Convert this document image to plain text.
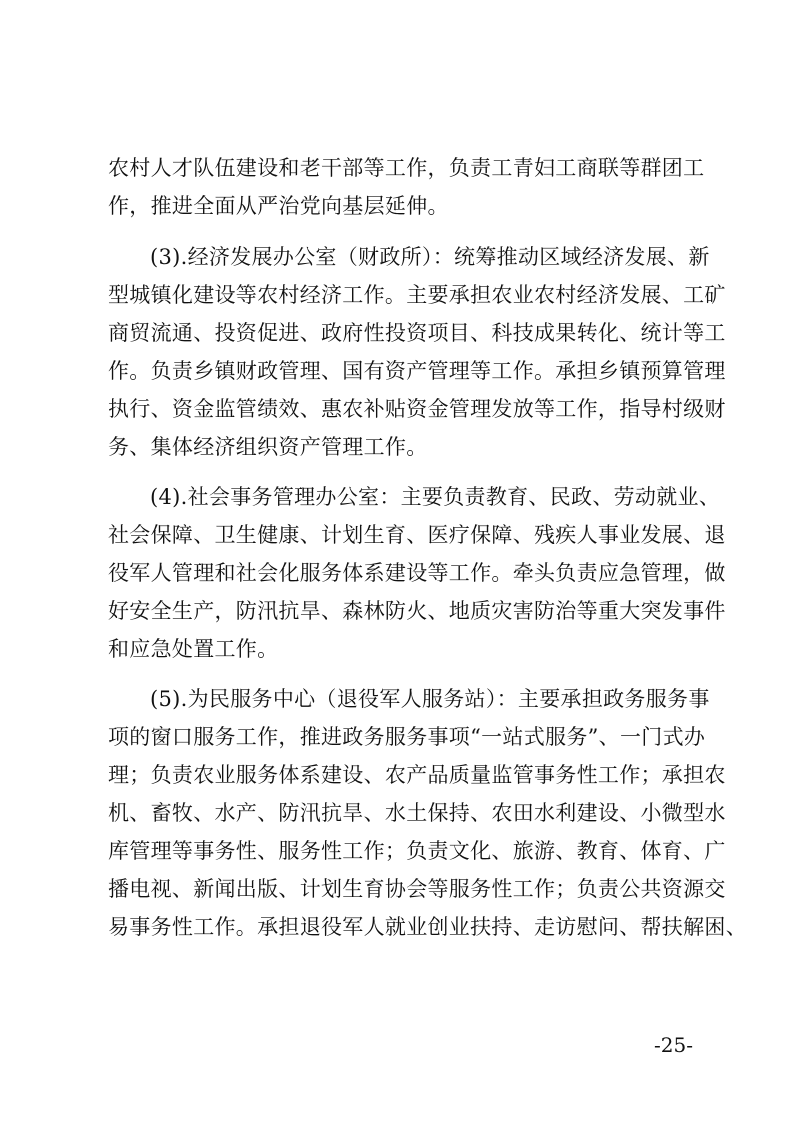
农村人才队伍建设和老干部等工作，负责工青妇工商联等群团工
作，推进全面从严治党向基层延伸。
(3).经济发展办公室（财政所）：统筹推动区域经济发展、新
型城镇化建设等农村经济工作。主要承担农业农村经济发展、工矿
商贸流通、投资促进、政府性投资项目、科技成果转化、统计等工
作。负责乡镇财政管理、国有资产管理等工作。承担乡镇预算管理
执行、资金监管绩效、惠农补贴资金管理发放等工作，指导村级财
务、集体经济组织资产管理工作。
(4).社会事务管理办公室：主要负责教育、民政、劳动就业、
社会保障、卫生健康、计划生育、医疗保障、残疾人事业发展、退
役军人管理和社会化服务体系建设等工作。牵头负责应急管理，做
好安全生产，防汛抗旱、森林防火、地质灾害防治等重大突发事件
和应急处置工作。
(5).为民服务中心（退役军人服务站）：主要承担政务服务事
项的窗口服务工作，推进政务服务事项“一站式服务”、一门式办
理；负责农业服务体系建设、农产品质量监管事务性工作；承担农
机、畜牧、水产、防汛抗旱、水土保持、农田水利建设、小微型水
库管理等事务性、服务性工作；负责文化、旅游、教育、体育、广
播电视、新闻出版、计划生育协会等服务性工作；负责公共资源交
易事务性工作。承担退役军人就业创业扶持、走访慰问、帮扶解困、
-25-
